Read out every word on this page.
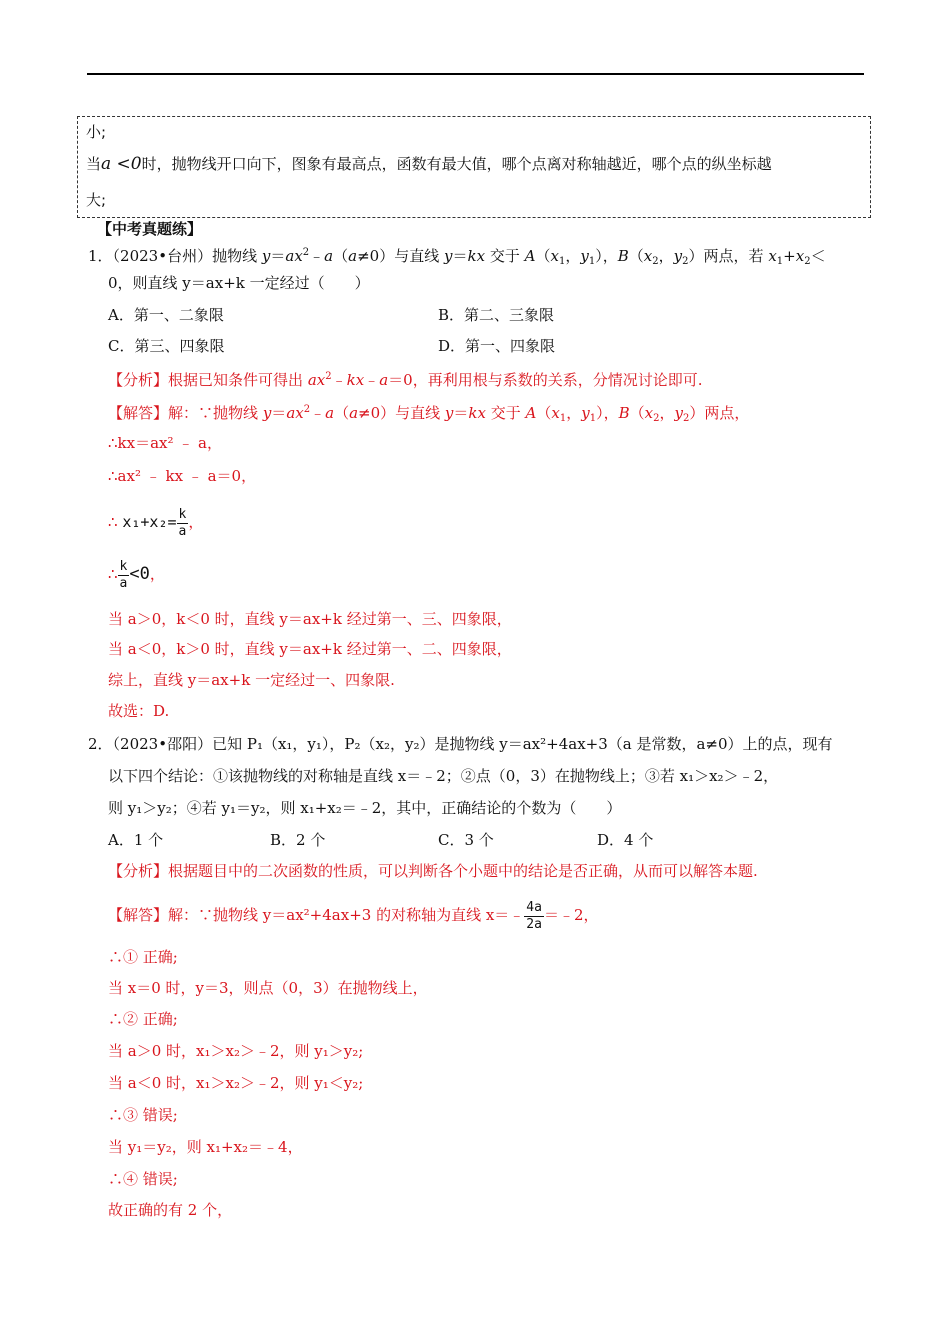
小;
当a <0时，抛物线开口向下，图象有最高点，函数有最大值，哪个点离对称轴越近，哪个点的纵坐标越
大;
【中考真题练】
1．（2023•台州）抛物线 $y=ax^2﹣a(a\ne 0)$与直线 y＝kx 交于 $A(x_1$，$y_1$），$B(x_2$，$y_2$）两点，若 $x_1+x_2<$
0，则直线 y＝ax+k 一定经过（　　）
A．第一、二象限	B．第二、三象限
C．第三、四象限	D．第一、四象限
【分析】根据已知条件可得出 $ax^2﹣kx﹣a=0$，再利用根与系数的关系，分情况讨论即可.
【解答】解：∵抛物线 $y=ax^2﹣a(a\ne 0)$与直线 y＝kx 交于 $A(x_1$，$y_1$），$B(x_2$，$y_2$）两点，
∴kx＝ax² ﹣ a，
∴ax² ﹣ kx ﹣ a＝0，
∴ $x_1+x_2= \frac{k}{a}$ ，
∴ $\frac{k}{a} <0$，
当 a＞0，k＜0 时，直线 y＝ax+k 经过第一、三、四象限，
当 a＜0，k＞0 时，直线 y＝ax+k 经过第一、二、四象限，
综上，直线 y＝ax+k 一定经过一、四象限.
故选：D.
2．（2023•邵阳）已知 P₁（x₁，y₁），P₂（x₂，y₂）是抛物线 y＝ax²+4ax+3（a 是常数，a≠0）上的点，现有
以下四个结论：①该抛物线的对称轴是直线 x＝﹣2；②点（0，3）在抛物线上；③若 x₁＞x₂＞﹣2，
则 y₁＞y₂；④若 y₁＝y₂，则 x₁+x₂＝﹣2，其中，正确结论的个数为（　　）
A．1 个	B．2 个	C．3 个	D．4 个
【分析】根据题目中的二次函数的性质，可以判断各个小题中的结论是否正确，从而可以解答本题.
【解答】解：∵抛物线 y＝ax²+4ax+3 的对称轴为直线 x＝﹣ $\frac{4a}{2a}$ ＝﹣2，
∴① 正确;
当 x＝0 时，y＝3，则点（0，3）在抛物线上，
∴② 正确;
当 a＞0 时，x₁＞x₂＞﹣2，则 y₁＞y₂;
当 a＜0 时，x₁＞x₂＞﹣2，则 y₁＜y₂;
∴③ 错误;
当 y₁＝y₂，则 x₁+x₂＝﹣4，
∴④ 错误;
故正确的有 2 个，
